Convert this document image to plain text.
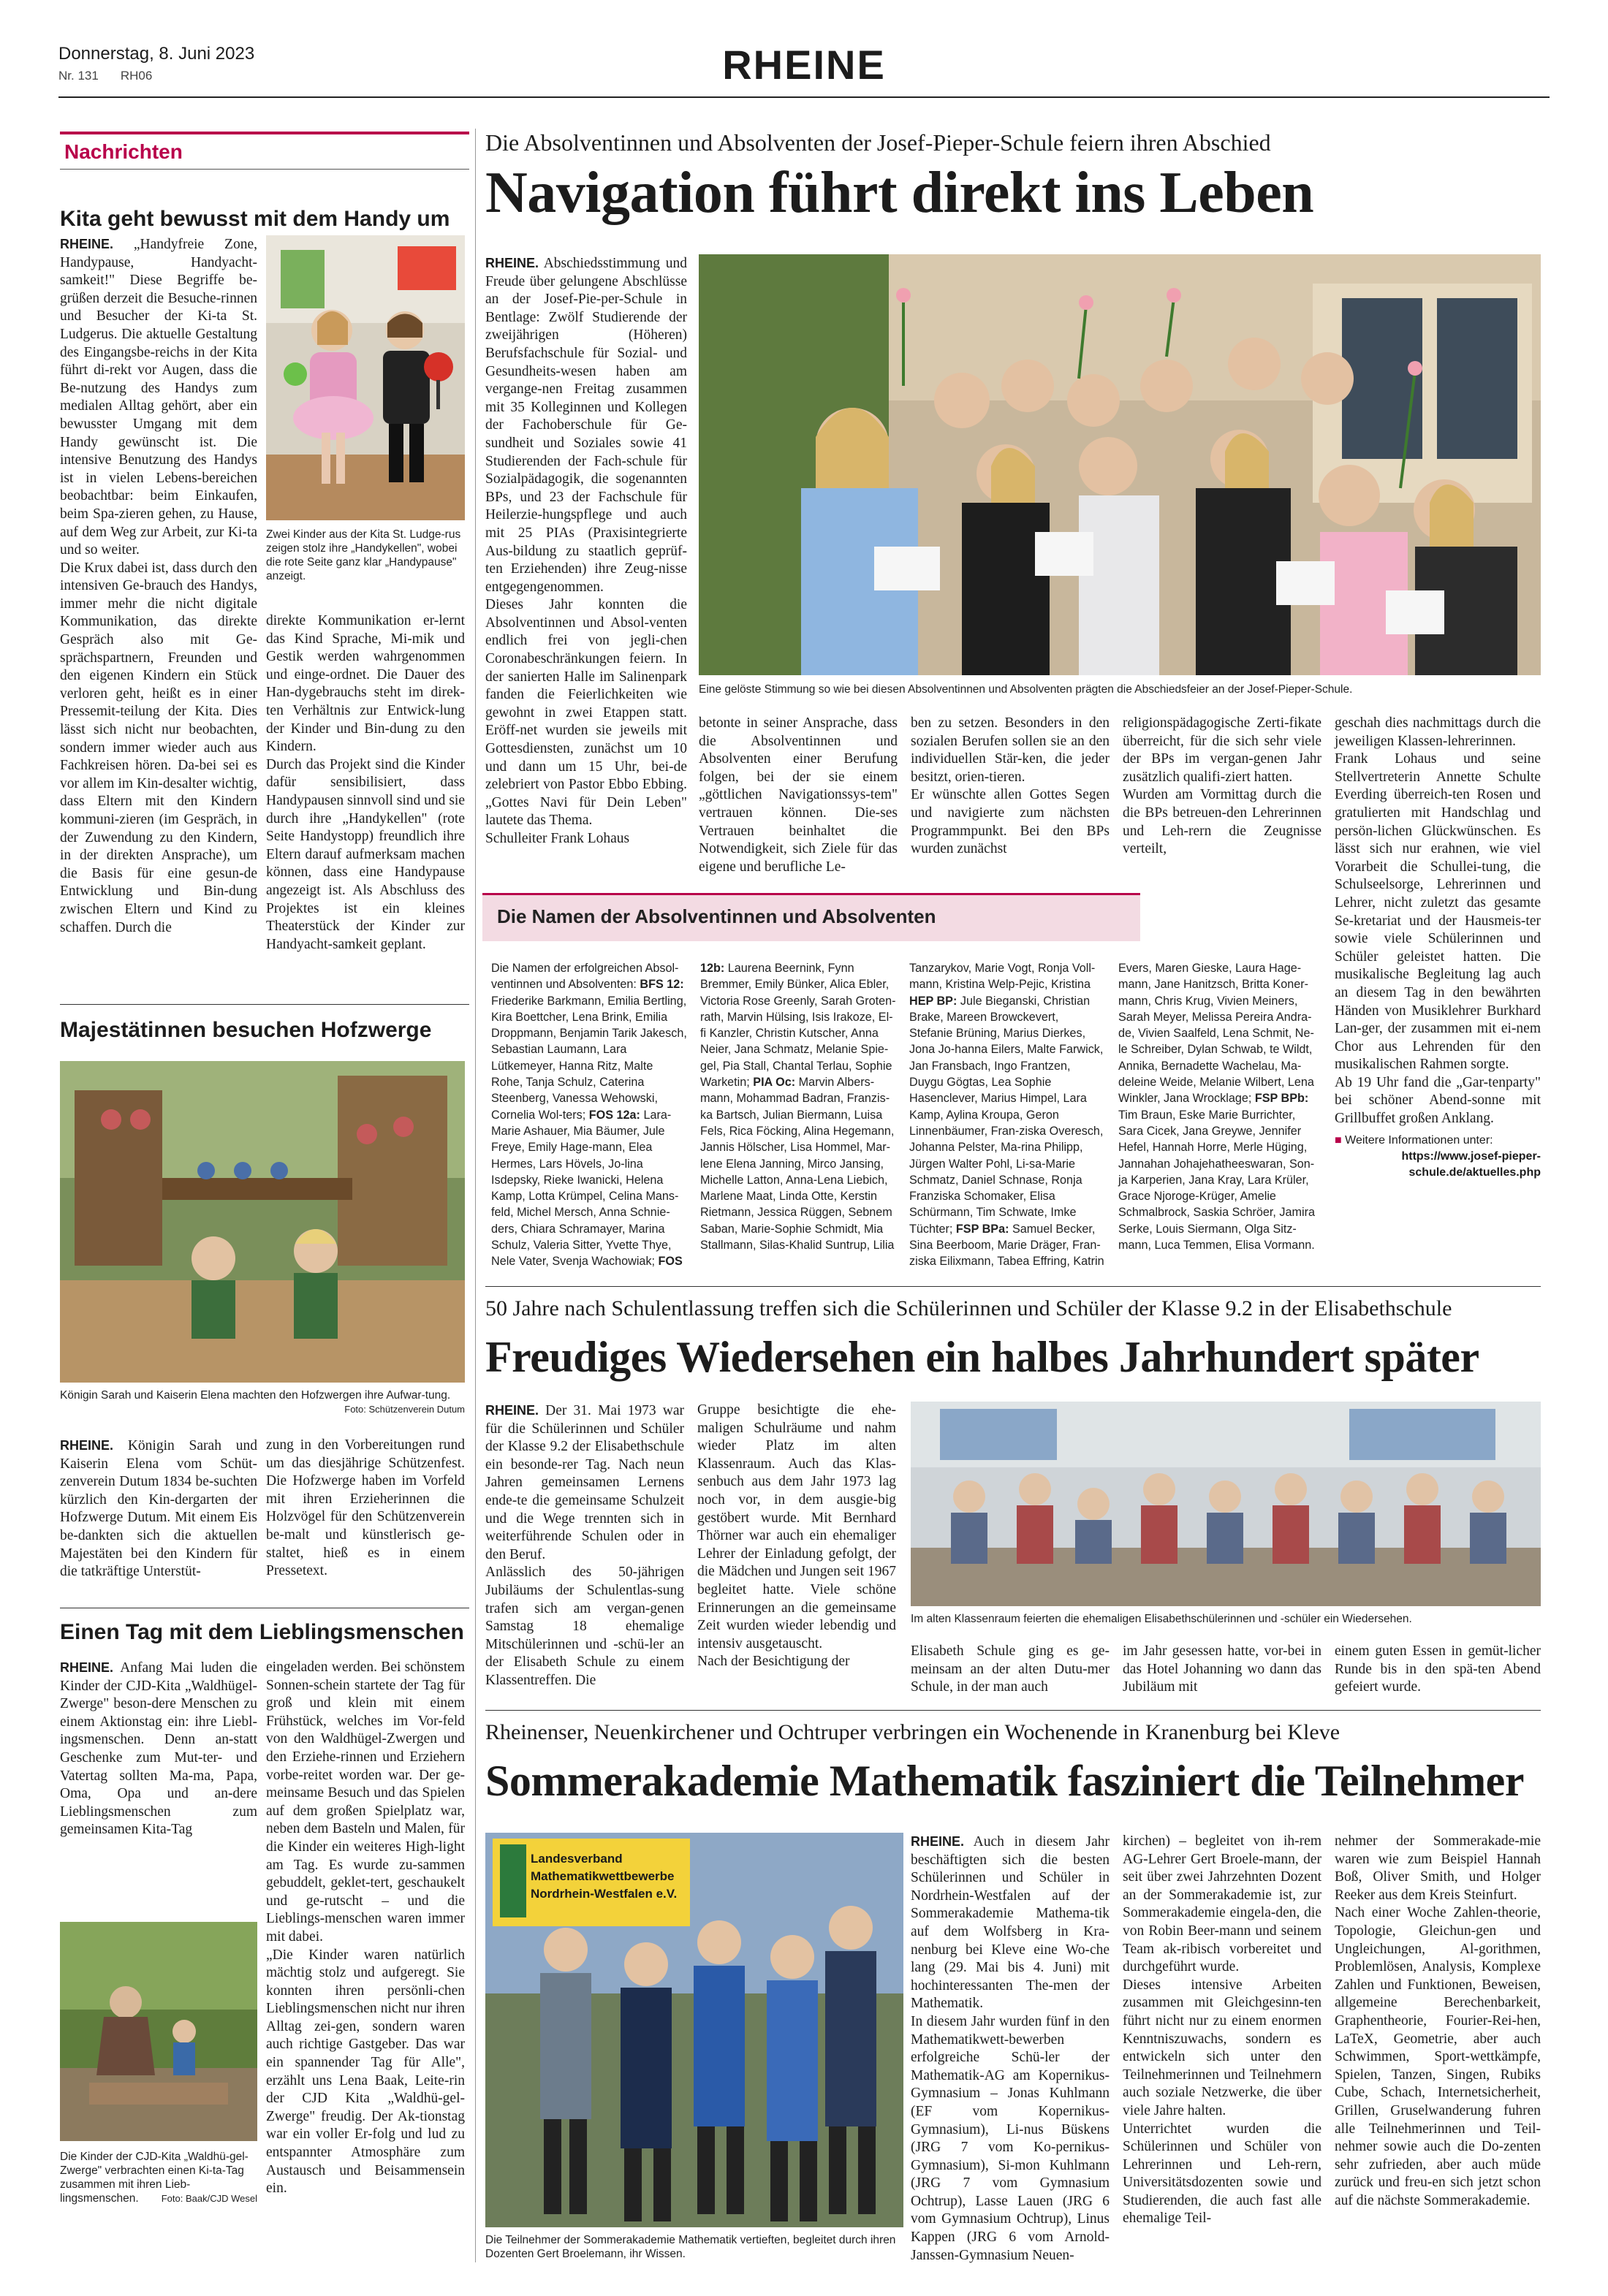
Donnerstag, 8. Juni 2023
Nr. 131 RH06	RHEINE
Nachrichten
Kita geht bewusst mit dem Handy um

RHEINE. „Handyfreie Zone, Handypause, Handyacht-samkeit!" Diese Begriffe be-grüßen derzeit die Besuche-rinnen und Besucher der Ki-ta St. Ludgerus. Die aktuelle Gestaltung des Eingangsbe-reichs in der Kita führt di-rekt vor Augen, dass die Be-nutzung des Handys zum medialen Alltag gehört, aber ein bewusster Umgang mit dem Handy gewünscht ist. Die intensive Benutzung des Handys ist in vielen Lebens-bereichen beobachtbar: beim Einkaufen, beim Spa-zieren gehen, zu Hause, auf dem Weg zur Arbeit, zur Ki-ta und so weiter.

Die Krux dabei ist, dass durch den intensiven Ge-brauch des Handys, immer mehr die nicht digitale Kommunikation, das direkte Gespräch also mit Ge-sprächspartnern, Freunden und den eigenen Kindern ein Stück verloren geht, heißt es in einer Pressemit-teilung der Kita. Dies lässt sich nicht nur beobachten, sondern immer wieder auch aus Fachkreisen hören. Da-bei sei es vor allem im Kin-desalter wichtig, dass Eltern mit den Kindern kommuni-zieren (im Gespräch, in der Zuwendung zu den Kindern, in der direkten Ansprache), um die Basis für eine gesun-de Entwicklung und Bin-dung zwischen Eltern und Kind zu schaffen. Durch die

Zwei Kinder aus der Kita St. Ludge-rus zeigen stolz ihre „Handykellen", wobei die rote Seite ganz klar „Handypause" anzeigt.

direkte Kommunikation er-lernt das Kind Sprache, Mi-mik und Gestik werden wahrgenommen und einge-ordnet. Die Dauer des Han-dygebrauchs steht im direk-ten Verhältnis zur Entwick-lung der Kinder und Bin-dung zu den Kindern.

Durch das Projekt sind die Kinder dafür sensibilisiert, dass Handypausen sinnvoll sind und sie durch ihre „Handykellen" (rote Seite Handystopp) freundlich ihre Eltern darauf aufmerksam machen können, dass eine Handypause angezeigt ist. Als Abschluss des Projektes ist ein kleines Theaterstück der Kinder zur Handyacht-samkeit geplant.

Majestätinnen besuchen Hofzwerge
Königin Sarah und Kaiserin Elena machten den Hofzwergen ihre Aufwar-tung.
Foto: Schützenverein Dutum

RHEINE. Königin Sarah und Kaiserin Elena vom Schüt-zenverein Dutum 1834 be-suchten kürzlich den Kin-dergarten der Hofzwerge Dutum. Mit einem Eis be-dankten sich die aktuellen Majestäten bei den Kindern für die tatkräftige Unterstüt-

zung in den Vorbereitungen rund um das diesjährige Schützenfest. Die Hofzwerge haben im Vorfeld mit ihren Erzieherinnen die Holzvögel für den Schützenverein be-malt und künstlerisch ge-staltet, hieß es in einem Pressetext.
Einen Tag mit dem Lieblingsmenschen

RHEINE. Anfang Mai luden die Kinder der CJD-Kita „Waldhügel-Zwerge" beson-dere Menschen zu einem Aktionstag ein: ihre Liebl-ingsmenschen. Denn an-statt Geschenke zum Mut-ter- und Vatertag sollten Ma-ma, Papa, Oma, Opa und an-dere Lieblingsmenschen zum gemeinsamen Kita-Tag

Die Kinder der CJD-Kita „Waldhü-gel-Zwerge" verbrachten einen Ki-ta-Tag zusammen mit ihren Lieb-lingsmenschen. Foto: Baak/CJD Wesel

eingeladen werden. Bei schönstem Sonnen-schein startete der Tag für groß und klein mit einem Frühstück, welches im Vor-feld von den Waldhügel-Zwergen und den Erziehe-rinnen und Erziehern vorbe-reitet worden war. Der ge-meinsame Besuch und das Spielen auf dem großen Spielplatz war, neben dem Basteln und Malen, für die Kinder ein weiteres High-light am Tag. Es wurde zu-sammen gebuddelt, geklet-tert, geschaukelt und ge-rutscht – und die Lieblings-menschen waren immer mit dabei.

„Die Kinder waren natürlich mächtig stolz und aufgeregt. Sie konnten ihren persönli-chen Lieblingsmenschen nicht nur ihren Alltag zei-gen, sondern waren auch richtige Gastgeber. Das war ein spannender Tag für Alle", erzählt uns Lena Baak, Leite-rin der CJD Kita „Waldhü-gel-Zwerge" freudig. Der Ak-tionstag war ein voller Er-folg und lud zu entspannter Atmosphäre zum Austausch und Beisammensein ein.

Die Absolventinnen und Absolventen der Josef-Pieper-Schule feiern ihren Abschied
Navigation führt direkt ins Leben

RHEINE. Abschiedsstimmung und Freude über gelungene Abschlüsse an der Josef-Pie-per-Schule in Bentlage: Zwölf Studierende der zweijährigen (Höheren) Berufsfachschule für Sozial- und Gesundheits-wesen haben am vergange-nen Freitag zusammen mit 35 Kolleginnen und Kollegen der Fachoberschule für Ge-sundheit und Soziales sowie 41 Studierenden der Fach-schule für Sozialpädagogik, die sogenannten BPs, und 23 der Fachschule für Heilerzie-hungspflege und auch mit 25 PIAs (Praxisintegrierte Aus-bildung zu staatlich geprüf-ten Erziehenden) ihre Zeug-nisse entgegengenommen.

Dieses Jahr konnten die Absolventinnen und Absol-venten endlich frei von jegli-chen Coronabeschränkungen feiern. In der sanierten Halle im Salinenpark fanden die Feierlichkeiten wie gewohnt in zwei Etappen statt. Eröff-net wurden sie jeweils mit Gottesdiensten, zunächst um 10 und dann um 15 Uhr, bei-de zelebriert von Pastor Ebbo Ebbing. „Gottes Navi für Dein Leben" lautete das Thema.

Schulleiter Frank Lohaus

Eine gelöste Stimmung so wie bei diesen Absolventinnen und Absolventen prägten die Abschiedsfeier an der Josef-Pieper-Schule.
betonte in seiner Ansprache, dass die Absolventinnen und Absolventen einer Berufung folgen, bei der sie einem „göttlichen Navigationssys-tem" vertrauen können. Die-ses Vertrauen beinhaltet die Notwendigkeit, sich Ziele für das eigene und berufliche Le-

ben zu setzen. Besonders in den sozialen Berufen sollen sie an den individuellen Stär-ken, die jeder besitzt, orien-tieren.

Er wünschte allen Gottes Segen und navigierte zum nächsten Programmpunkt. Bei den BPs wurden zunächst

religionspädagogische Zerti-fikate überreicht, für die sich sehr viele der BPs im vergan-genen Jahr zusätzlich qualifi-ziert hatten.

Wurden am Vormittag durch die die BPs betreuen-den Lehrerinnen und Leh-rern die Zeugnisse verteilt,

geschah dies nachmittags durch die jeweiligen Klassen-lehrerinnen.

Frank Lohaus und seine Stellvertreterin Annette Schulte Everding überreich-ten Rosen und gratulierten mit Handschlag und persön-lichen Glückwünschen. Es lässt sich nur erahnen, wie viel Vorarbeit die Schullei-tung, die Schulseelsorge, Lehrerinnen und Lehrer, nicht zuletzt das gesamte Se-kretariat und der Hausmeis-ter sowie viele Schülerinnen und Schüler geleistet hatten. Die musikalische Begleitung lag auch an diesem Tag in den bewährten Händen von Musiklehrer Burkhard Lan-ger, der zusammen mit ei-nem Chor aus Lehrenden für den musikalischen Rahmen sorgte.

Ab 19 Uhr fand die „Gar-tenparty" bei schöner Abend-sonne mit Grillbuffet großen Anklang.

■ Weitere Informationen unter:
https://www.josef-pieper-schule.de/aktuelles.php
Die Namen der Absolventinnen und Absolventen
Die Namen der erfolgreichen Absol-ventinnen und Absolventen: BFS 12: Friederike Barkmann, Emilia Bertling, Kira Boettcher, Lena Brink, Emilia Droppmann, Benjamin Tarik Jakesch, Sebastian Laumann, Lara Lütkemeyer, Hanna Ritz, Malte Rohe, Tanja Schulz, Caterina Steenberg, Vanessa Wehowski, Cornelia Wol-ters; FOS 12a: Lara-Marie Ashauer, Mia Bäumer, Jule Freye, Emily Hage-mann, Elea Hermes, Lars Hövels, Jo-lina Isdepsky, Rieke Iwanicki, Helena Kamp, Lotta Krümpel, Celina Mans-feld, Michel Mersch, Anna Schnie-ders, Chiara Schramayer, Marina Schulz, Valeria Sitter, Yvette Thye, Nele Vater, Svenja Wachowiak; FOS
12b: Laurena Beernink, Fynn Bremmer, Emily Bünker, Alica Ebler, Victoria Rose Greenly, Sarah Groten-rath, Marvin Hülsing, Isis Irakoze, El-fi Kanzler, Christin Kutscher, Anna Neier, Jana Schmatz, Melanie Spie-gel, Pia Stall, Chantal Terlau, Sophie Warketin; PIA Oc: Marvin Albers-mann, Mohammad Badran, Franzis-ka Bartsch, Julian Biermann, Luisa Fels, Rica Föcking, Alina Hegemann, Jannis Hölscher, Lisa Hommel, Mar-lene Elena Janning, Mirco Jansing, Michelle Latton, Anna-Lena Liebich, Marlene Maat, Linda Otte, Kerstin Rietmann, Jessica Rüggen, Sebnem Saban, Marie-Sophie Schmidt, Mia Stallmann, Silas-Khalid Suntrup, Lilia
Tanzarykov, Marie Vogt, Ronja Voll-mann, Kristina Welp-Pejic, Kristina HEP BP: Jule Bieganski, Christian Brake, Mareen Browckevert, Stefanie Brüning, Marius Dierkes, Jona Jo-hanna Eilers, Malte Farwick, Jan Fransbach, Ingo Frantzen, Duygu Gögtas, Lea Sophie Hasenclever, Marius Himpel, Lara Kamp, Aylina Kroupa, Geron Linnenbäumer, Fran-ziska Overesch, Johanna Pelster, Ma-rina Philipp, Jürgen Walter Pohl, Li-sa-Marie Schmatz, Daniel Schnase, Ronja Franziska Schomaker, Elisa Schürmann, Tim Schwate, Imke Tüchter; FSP BPa: Samuel Becker, Sina Beerboom, Marie Dräger, Fran-ziska Eilixmann, Tabea Effring, Katrin
Evers, Maren Gieske, Laura Hage-mann, Jane Hanitzsch, Britta Koner-mann, Chris Krug, Vivien Meiners, Sarah Meyer, Melissa Pereira Andra-de, Vivien Saalfeld, Lena Schmit, Ne-le Schreiber, Dylan Schwab, te Wildt, Annika, Bernadette Wachelau, Ma-deleine Weide, Melanie Wilbert, Lena Winkler, Jana Wrocklage; FSP BPb: Tim Braun, Eske Marie Burrichter, Sara Cicek, Jana Greywe, Jennifer Hefel, Hannah Horre, Merle Hüging, Jannahan Johajehatheeswaran, Son-ja Karperien, Jana Kray, Lara Krüler, Grace Njoroge-Krüger, Amelie Schmalbrock, Saskia Schröer, Jamira Serke, Louis Siermann, Olga Sitz-mann, Luca Temmen, Elisa Vormann.
50 Jahre nach Schulentlassung treffen sich die Schülerinnen und Schüler der Klasse 9.2 in der Elisabethschule
Freudiges Wiedersehen ein halbes Jahrhundert später

RHEINE. Der 31. Mai 1973 war für die Schülerinnen und Schüler der Klasse 9.2 der Elisabethschule ein besonde-rer Tag. Nach neun Jahren gemeinsamen Lernens ende-te die gemeinsame Schulzeit und die Wege trennten sich in weiterführende Schulen oder in den Beruf.

Anlässlich des 50-jährigen Jubiläums der Schulentlas-sung trafen sich am vergan-genen Samstag 18 ehemalige Mitschülerinnen und -schü-ler an der Elisabeth Schule zu einem Klassentreffen. Die

Gruppe besichtigte die ehe-maligen Schulräume und nahm wieder Platz im alten Klassenraum. Auch das Klas-senbuch aus dem Jahr 1973 lag noch vor, in dem ausgie-big gestöbert wurde. Mit Bernhard Thörner war auch ein ehemaliger Lehrer der Einladung gefolgt, der die Mädchen und Jungen seit 1967 begleitet hatte. Viele schöne Erinnerungen an die gemeinsame Zeit wurden wieder lebendig und intensiv ausgetauscht.

Nach der Besichtigung der

Im alten Klassenraum feierten die ehemaligen Elisabethschülerinnen und -schüler ein Wiedersehen.
Elisabeth Schule ging es ge-meinsam an der alten Dutu-mer Schule, in der man auch
im Jahr gesessen hatte, vor-bei in das Hotel Johanning wo dann das Jubiläum mit
einem guten Essen in gemüt-licher Runde bis in den spä-ten Abend gefeiert wurde.
Rheinenser, Neuenkirchener und Ochtruper verbringen ein Wochenende in Kranenburg bei Kleve
Sommerakademie Mathematik fasziniert die Teilnehmer
Landesverband
Mathematikwettbewerbe
Nordrhein-Westfalen e.V.
Die Teilnehmer der Sommerakademie Mathematik vertieften, begleitet durch ihren Dozenten Gert Broelemann, ihr Wissen.

RHEINE. Auch in diesem Jahr beschäftigten sich die besten Schülerinnen und Schüler in Nordrhein-Westfalen auf der Sommerakademie Mathema-tik auf dem Wolfsberg in Kra-nenburg bei Kleve eine Wo-che lang (29. Mai bis 4. Juni) mit hochinteressanten The-men der Mathematik.

In diesem Jahr wurden fünf in den Mathematikwett-bewerben erfolgreiche Schü-ler der Mathematik-AG am Kopernikus-Gymnasium – Jonas Kuhlmann (EF vom Kopernikus-Gymnasium), Li-nus Büskens (JRG 7 vom Ko-pernikus-Gymnasium), Si-mon Kuhlmann (JRG 7 vom Gymnasium Ochtrup), Lasse Lauen (JRG 6 vom Gymnasium Ochtrup), Linus Kappen (JRG 6 vom Arnold-Janssen-Gymnasium Neuen-

kirchen) – begleitet von ih-rem AG-Lehrer Gert Broele-mann, der seit über zwei Jahrzehnten Dozent an der Sommerakademie ist, zur Sommerakademie eingela-den, die von Robin Beer-mann und seinem Team ak-ribisch vorbereitet und durchgeführt wurde.

Dieses intensive Arbeiten zusammen mit Gleichgesinn-ten führt nicht nur zu einem enormen Kenntniszuwachs, sondern es entwickeln sich unter den Teilnehmerinnen und Teilnehmern auch soziale Netzwerke, die über viele Jahre halten.

Unterrichtet wurden die Schülerinnen und Schüler von Lehrerinnen und Leh-rern, Universitätsdozenten sowie und Studierenden, die auch fast alle ehemalige Teil-

nehmer der Sommerakade-mie waren wie zum Beispiel Hannah Boß, Oliver Smith, und Holger Reeker aus dem Kreis Steinfurt.

Nach einer Woche Zahlen-theorie, Topologie, Gleichun-gen und Ungleichungen, Al-gorithmen, Problemlösen, Analysis, Komplexe Zahlen und Funktionen, Beweisen, allgemeine Berechenbarkeit, Graphentheorie, Fourier-Rei-hen, LaTeX, Geometrie, aber auch Schwimmen, Sport-wettkämpfe, Spielen, Tanzen, Singen, Rubiks Cube, Schach, Internetsicherheit, Grillen, Gruselwanderung fuhren alle Teilnehmerinnen und Teil-nehmer sowie auch die Do-zenten sehr zufrieden, aber auch müde zurück und freu-en sich jetzt schon auf die nächste Sommerakademie.
